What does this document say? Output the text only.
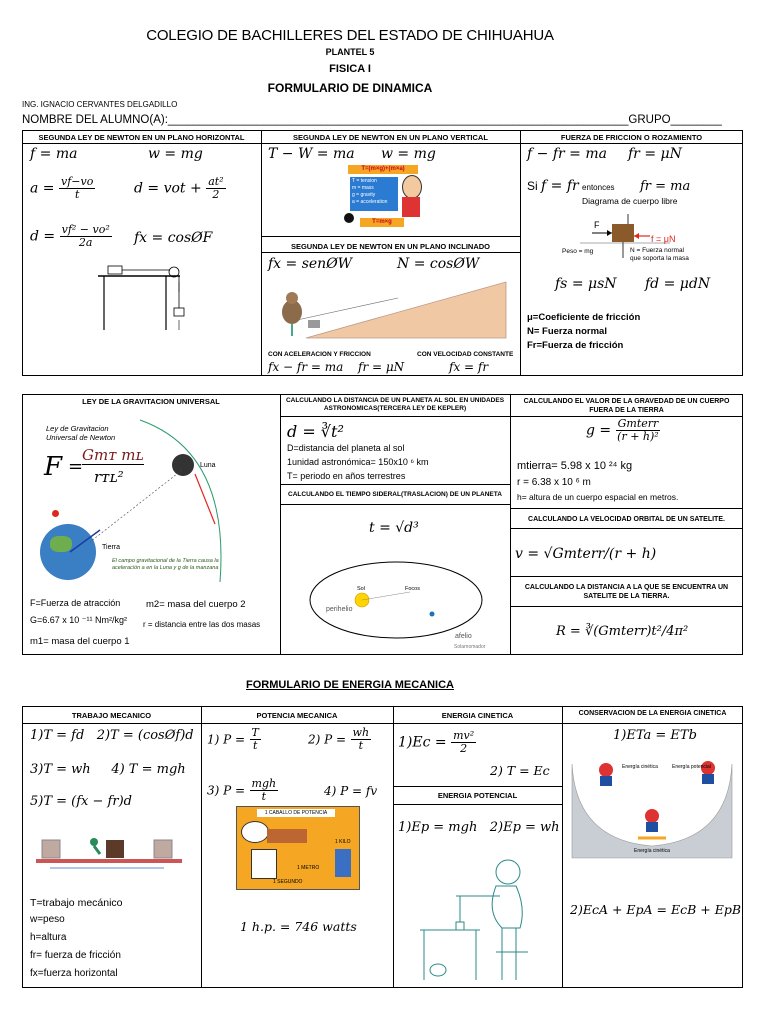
COLEGIO DE BACHILLERES DEL ESTADO DE CHIHUAHUA
PLANTEL 5
FISICA I
FORMULARIO DE DINAMICA
ING. IGNACIO CERVANTES DELGADILLO
NOMBRE DEL ALUMNO(A):________________________________________________________________________GRUPO________
SEGUNDA LEY DE NEWTON EN UN PLANO HORIZONTAL
f = ma	w = mg
$a = \frac{vf-vo}{t}$	d = vot + $\frac{\text{at²}}{2}$
$d = \frac{\text{vf² − vo²}}{2a}$ fx = cosØF
SEGUNDA LEY DE NEWTON EN UN PLANO VERTICAL
T − W = ma w = mg
T=(m×g)+(m×a)
T = tension
m = mass
g = gravity
a = acceleration
T=m×g
SEGUNDA LEY DE NEWTON EN UN PLANO INCLINADO
fx = senØW	N = cosØW
CON ACELERACION Y FRICCION	CON VELOCIDAD CONSTANTE
fx − fr = ma fr = μN	fx = fr
FUERZA DE FRICCION O ROZAMIENTO
f − fr = ma fr = μN
Si f = fr entonces fr = ma
Diagrama de cuerpo libre
F
Peso = mg
f = μN
N = Fuerza normal que soporta la masa
fs = μsN fd = μdN
μ=Coeficiente de fricción
N= Fuerza normal
Fr=Fuerza de fricción
LEY DE LA GRAVITACION UNIVERSAL
Ley de Gravitacion Universal de Newton
F =
Gmᴛ mʟ
rᴛʟ²
Luna
Tierra
El campo gravitacional de la Tierra causa la aceleración a en la Luna y g de la manzana
F=Fuerza de atracción	m2= masa del cuerpo 2
G=6.67 x 10 ⁻¹¹ Nm²/kg² r = distancia entre las dos masas
m1= masa del cuerpo 1
CALCULANDO LA DISTANCIA DE UN PLANETA AL SOL EN UNIDADES ASTRONOMICAS(TERCERA LEY DE KEPLER)
d = ∛t²
D=distancia del planeta al sol
1unidad astronómica= 150x10 ⁶ km
T= periodo en años terrestres
CALCULANDO EL TIEMPO SIDERAL(TRASLACION) DE UN PLANETA
t = √d³
perihelio
afelio
Sol	Focos
Solarnomador
CALCULANDO EL VALOR DE LA GRAVEDAD DE UN CUERPO FUERA DE LA TIERRA
$g = \frac{\text{Gmterr}}{\text{(r + h)²}}$
mtierra= 5.98 x 10 ²⁴ kg
r = 6.38 x 10 ⁶ m
h= altura de un cuerpo espacial en metros.
CALCULANDO LA VELOCIDAD ORBITAL DE UN SATELITE.
v = √Gmterr/(r + h)
CALCULANDO LA DISTANCIA A LA QUE SE ENCUENTRA UN SATELITE DE LA TIERRA.
R = ∛(Gmterr)t²/4π²
FORMULARIO DE ENERGIA MECANICA
TRABAJO MECANICO
1)T = fd   2)T = (cosØf)d
3)T = wh     4) T = mgh
5)T = (fx − fr)d
T=trabajo mecánico
w=peso
h=altura
fr= fuerza de fricción
fx=fuerza horizontal
POTENCIA MECANICA
1) $P = \frac{T}{t}$	2) $P = \frac{wh}{t}$
3) $P = \frac{\text{mgh}}{t}$	4) P = fv
1 CABALLO DE POTENCIA
1 KILO
1 METRO
1 SEGUNDO
1 h.p. = 746 watts
ENERGIA CINETICA
$1)Ec = \frac{\text{mv²}}{2}$
2) T = Ec
ENERGIA POTENCIAL
1)Ep = mgh   2)Ep = wh
CONSERVACION DE LA ENERGIA CINETICA
1)ETa = ETb
Energía cinética	Energía potencial
Energía cinética
2)EcA + EpA = EcB + EpB
